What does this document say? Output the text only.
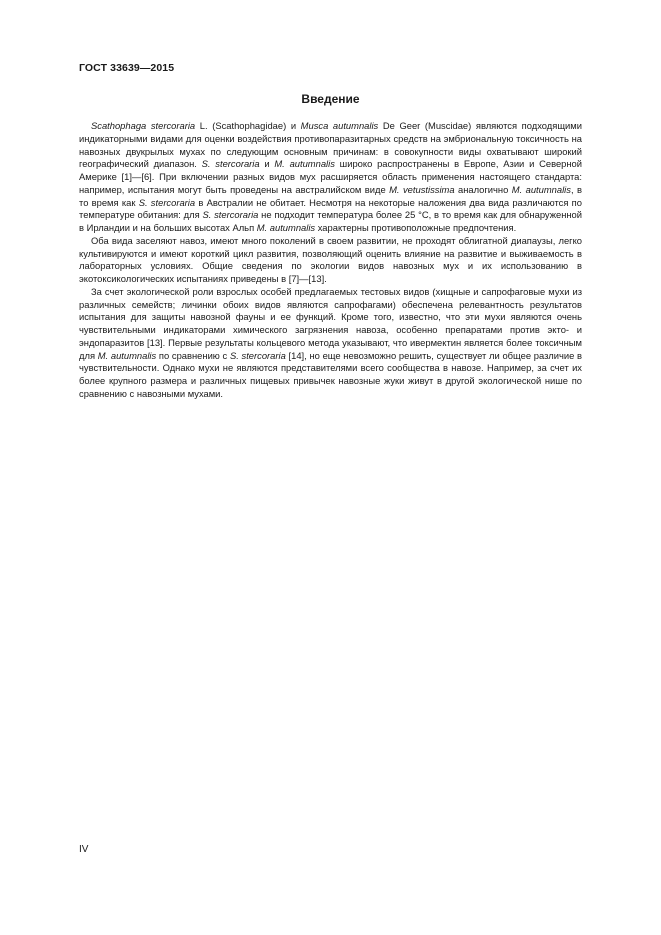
ГОСТ 33639—2015
Введение

Scathophaga stercoraria L. (Scathophagidae) и Musca autumnalis De Geer (Muscidae) являются подходящими индикаторными видами для оценки воздействия противопаразитарных средств на эмбриональную токсичность на навозных двукрылых мухах по следующим основным причинам: в совокупности виды охватывают широкий географический диапазон. S. stercoraria и M. autumnalis широко распространены в Европе, Азии и Северной Америке [1]—[6]. При включении разных видов мух расширяется область применения настоящего стандарта: например, испытания могут быть проведены на австралийском виде M. vetustissima аналогично M. autumnalis, в то время как S. stercoraria в Австралии не обитает. Несмотря на некоторые наложения два вида различаются по температуре обитания: для S. stercoraria не подходит температура более 25 °С, в то время как для обнаруженной в Ирландии и на больших высотах Альп M. autumnalis характерны противоположные предпочтения.

Оба вида заселяют навоз, имеют много поколений в своем развитии, не проходят облигатной диапаузы, легко культивируются и имеют короткий цикл развития, позволяющий оценить влияние на развитие и выживаемость в лабораторных условиях. Общие сведения по экологии видов навозных мух и их использованию в экотоксикологических испытаниях приведены в [7]—[13].

За счет экологической роли взрослых особей предлагаемых тестовых видов (хищные и сапрофаговые мухи из различных семейств; личинки обоих видов являются сапрофагами) обеспечена релевантность результатов испытания для защиты навозной фауны и ее функций. Кроме того, известно, что эти мухи являются очень чувствительными индикаторами химического загрязнения навоза, особенно препаратами против экто- и эндопаразитов [13]. Первые результаты кольцевого метода указывают, что ивермектин является более токсичным для M. autumnalis по сравнению с S. stercoraria [14], но еще невозможно решить, существует ли общее различие в чувствительности. Однако мухи не являются представителями всего сообщества в навозе. Например, за счет их более крупного размера и различных пищевых привычек навозные жуки живут в другой экологической нише по сравнению с навозными мухами.

IV
